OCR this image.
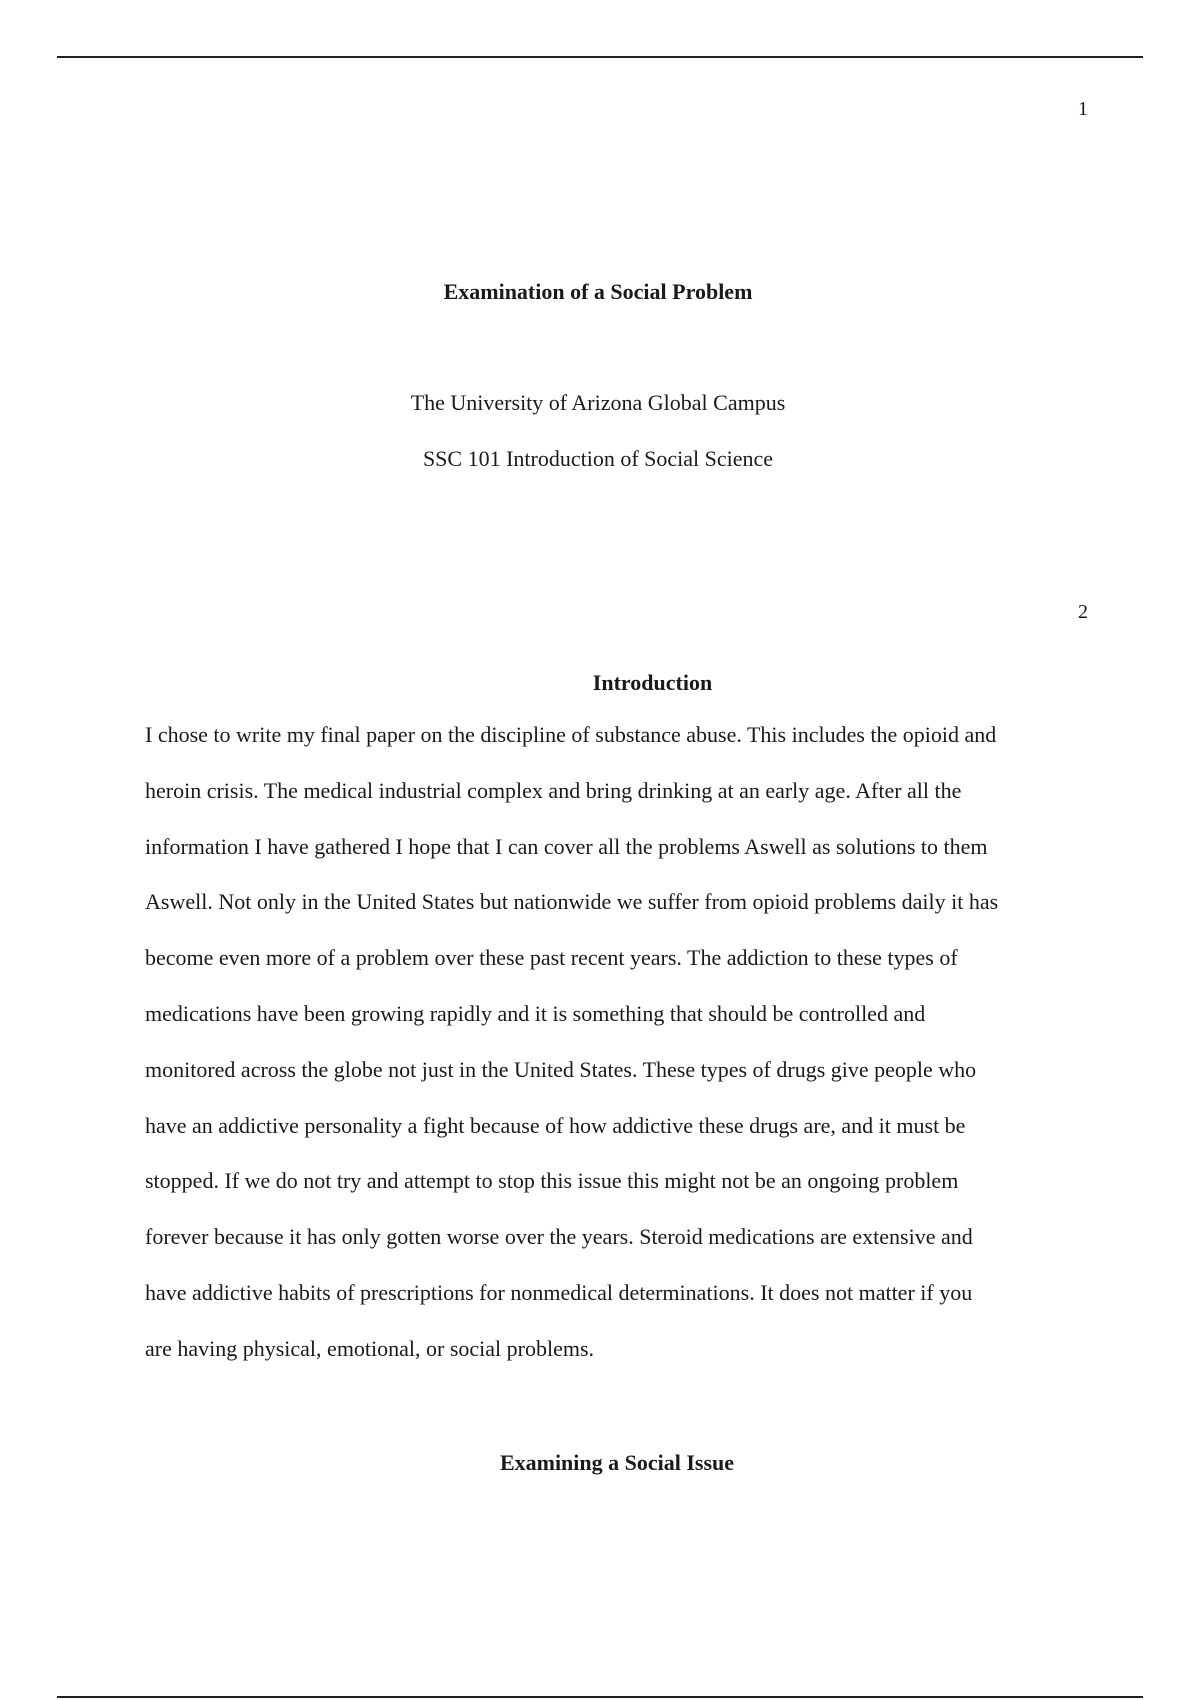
1
Examination of a Social Problem

The University of Arizona Global Campus

SSC 101 Introduction of Social Science

2
Introduction

I chose to write my final paper on the discipline of substance abuse. This includes the opioid and
heroin crisis. The medical industrial complex and bring drinking at an early age. After all the
information I have gathered I hope that I can cover all the problems Aswell as solutions to them
Aswell. Not only in the United States but nationwide we suffer from opioid problems daily it has
become even more of a problem over these past recent years. The addiction to these types of
medications have been growing rapidly and it is something that should be controlled and
monitored across the globe not just in the United States. These types of drugs give people who
have an addictive personality a fight because of how addictive these drugs are, and it must be
stopped. If we do not try and attempt to stop this issue this might not be an ongoing problem
forever because it has only gotten worse over the years. Steroid medications are extensive and
have addictive habits of prescriptions for nonmedical determinations. It does not matter if you
are having physical, emotional, or social problems.

Examining a Social Issue
